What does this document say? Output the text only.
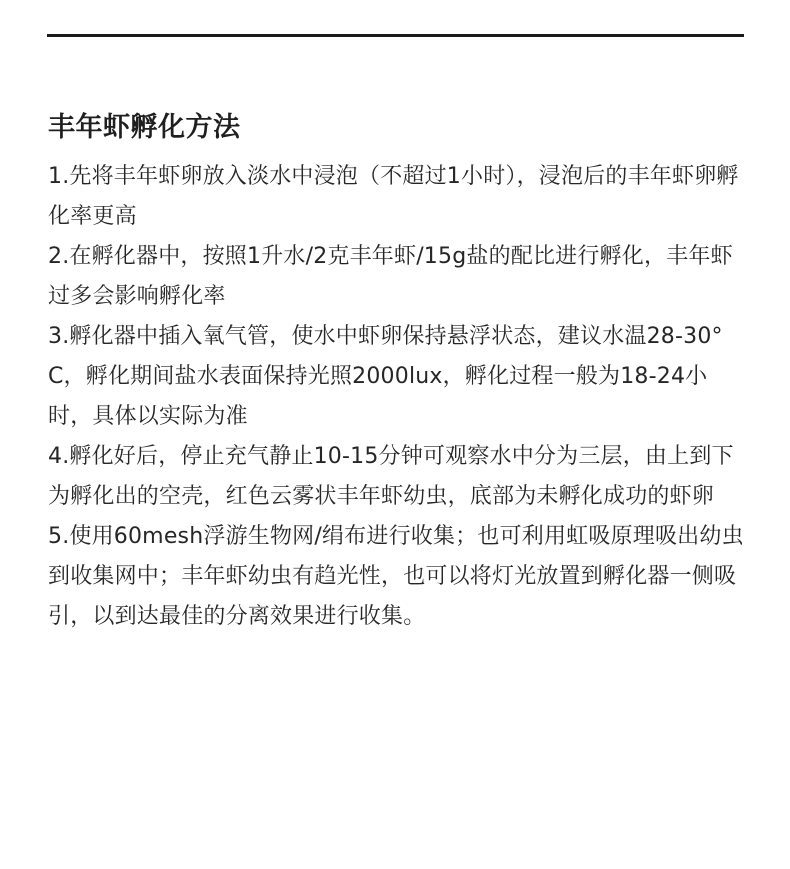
丰年虾孵化方法
1.先将丰年虾卵放入淡水中浸泡（不超过1小时），浸泡后的丰年虾卵孵化率更高
2.在孵化器中，按照1升水/2克丰年虾/15g盐的配比进行孵化，丰年虾过多会影响孵化率
3.孵化器中插入氧气管，使水中虾卵保持悬浮状态，建议水温28-30°C，孵化期间盐水表面保持光照2000lux，孵化过程一般为18-24小时，具体以实际为准
4.孵化好后，停止充气静止10-15分钟可观察水中分为三层，由上到下为孵化出的空壳，红色云雾状丰年虾幼虫，底部为未孵化成功的虾卵
5.使用60mesh浮游生物网/绢布进行收集；也可利用虹吸原理吸出幼虫到收集网中；丰年虾幼虫有趋光性，也可以将灯光放置到孵化器一侧吸引，以到达最佳的分离效果进行收集。
